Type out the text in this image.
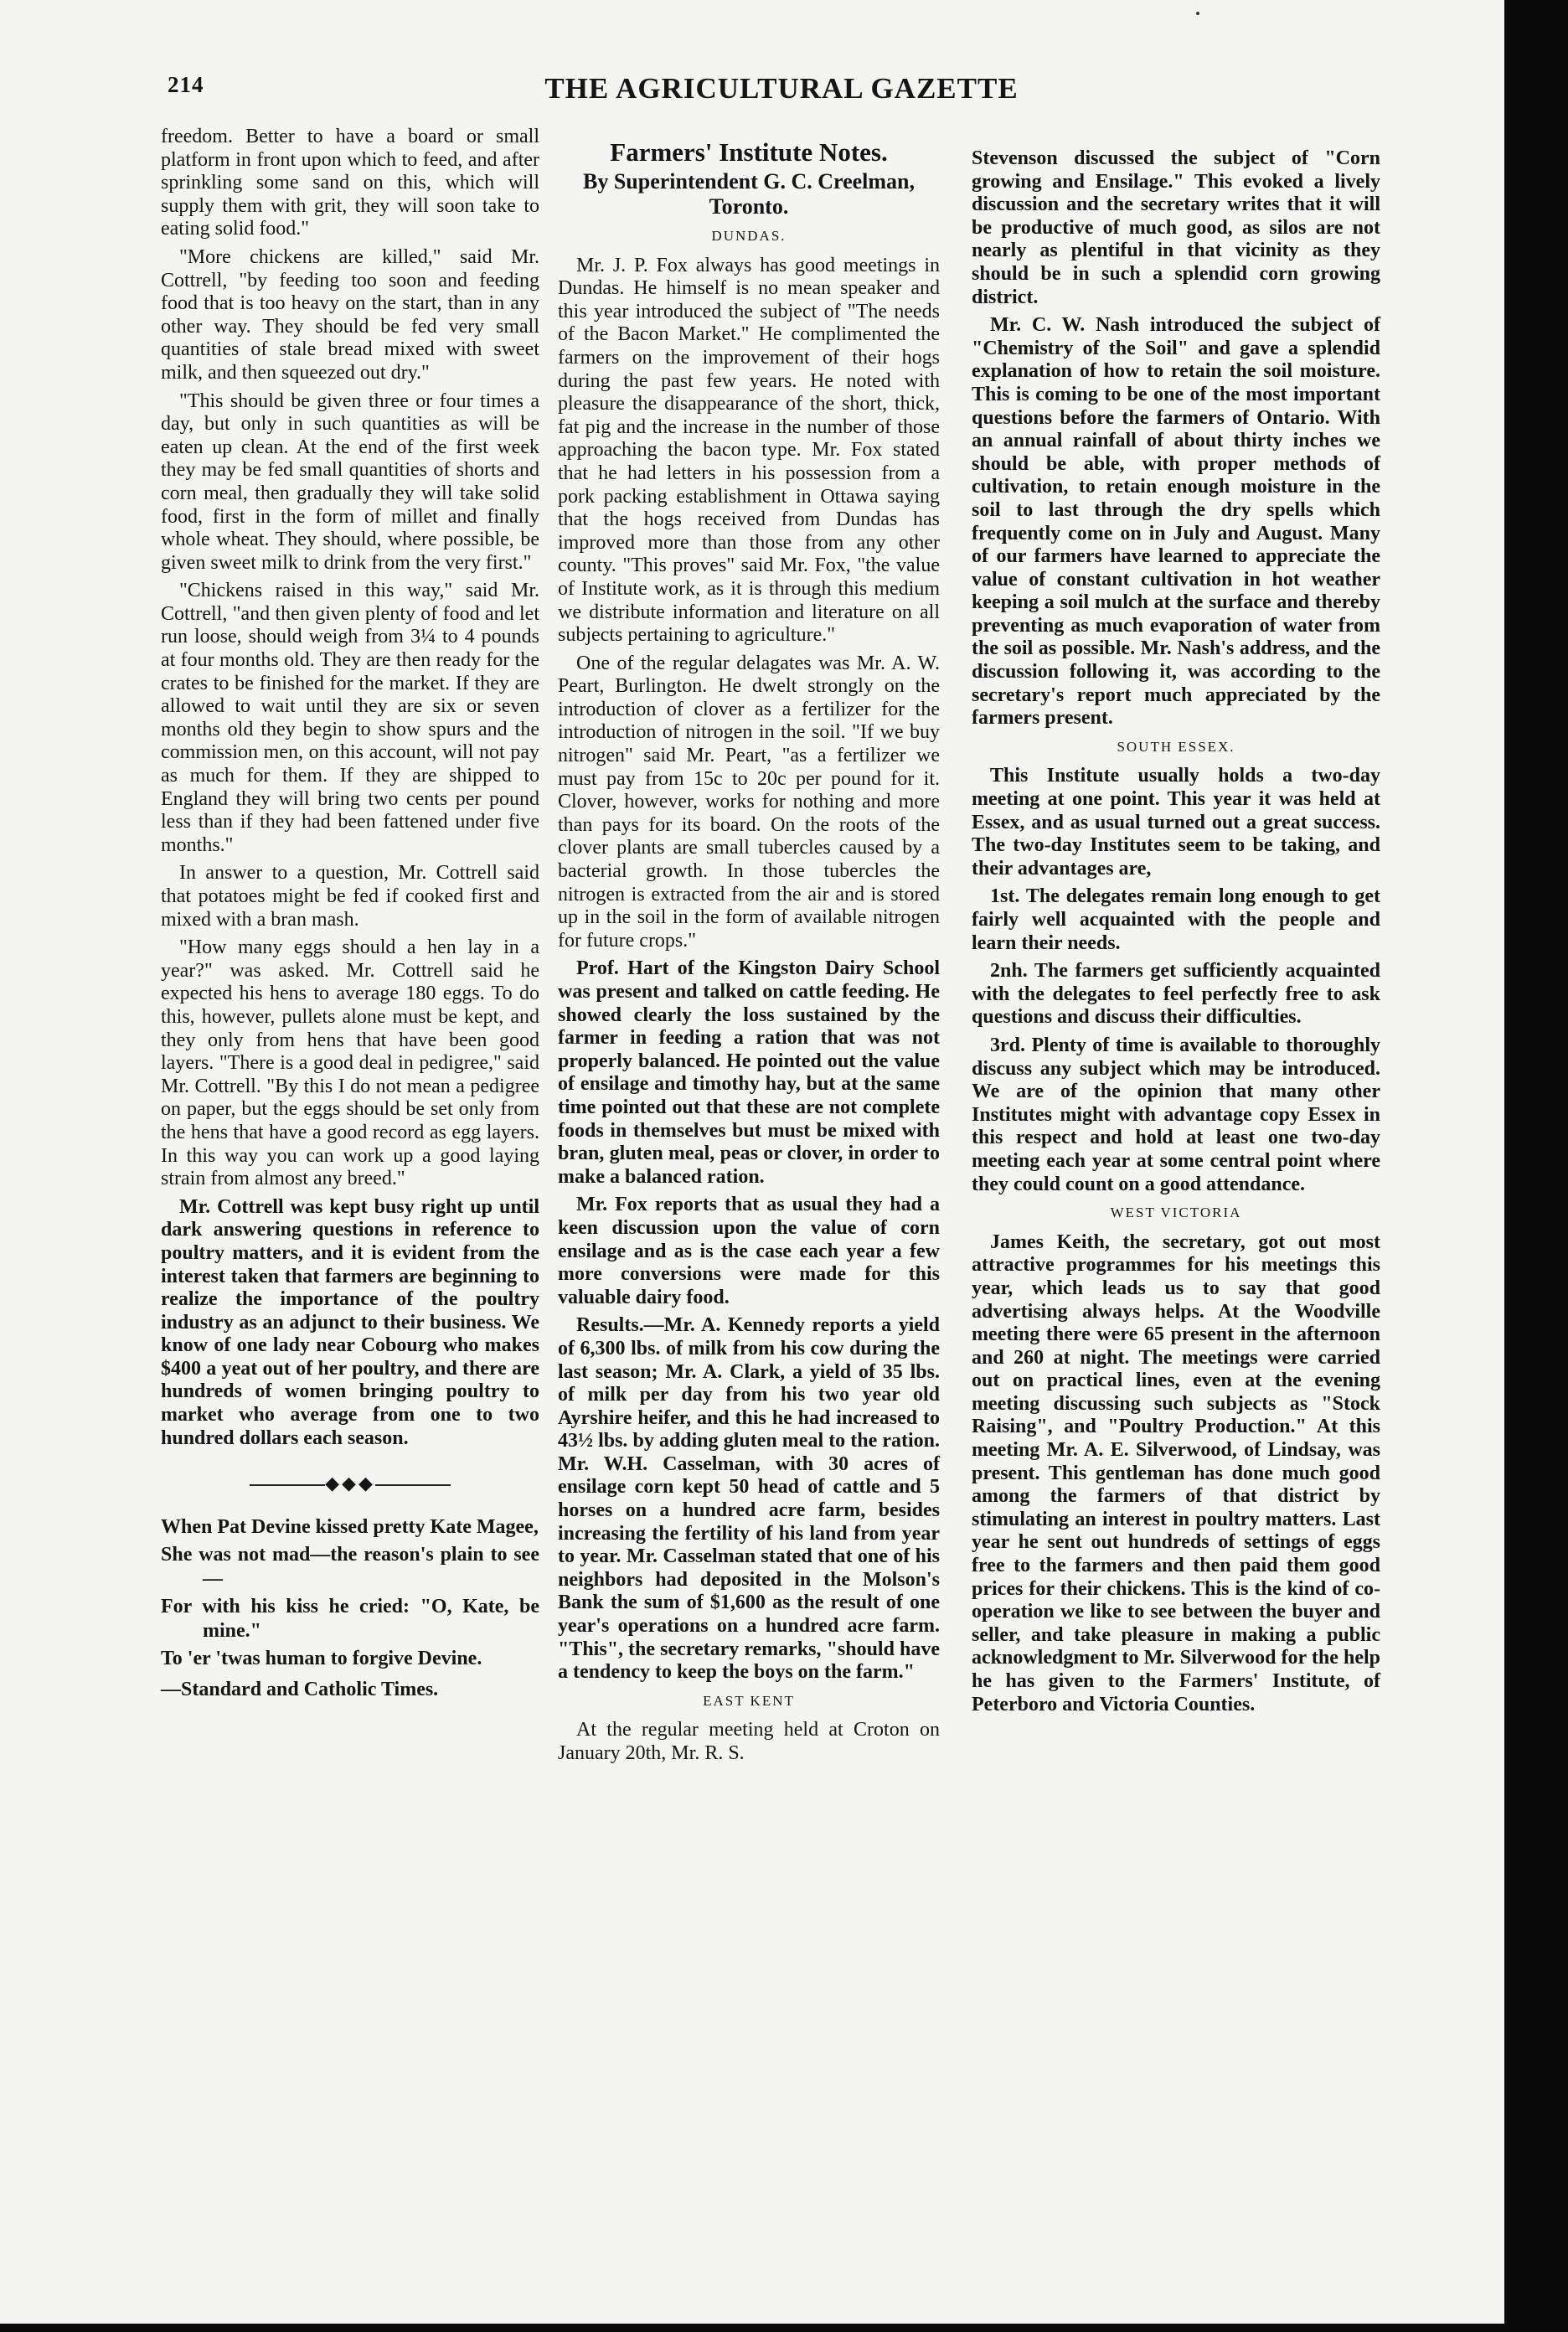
214	THE AGRICULTURAL GAZETTE

freedom. Better to have a board or small platform in front upon which to feed, and after sprinkling some sand on this, which will supply them with grit, they will soon take to eating solid food."

"More chickens are killed," said Mr. Cottrell, "by feeding too soon and feeding food that is too heavy on the start, than in any other way. They should be fed very small quantities of stale bread mixed with sweet milk, and then squeezed out dry."

"This should be given three or four times a day, but only in such quantities as will be eaten up clean. At the end of the first week they may be fed small quantities of shorts and corn meal, then gradually they will take solid food, first in the form of millet and finally whole wheat. They should, where possible, be given sweet milk to drink from the very first."

"Chickens raised in this way," said Mr. Cottrell, "and then given plenty of food and let run loose, should weigh from 3¼ to 4 pounds at four months old. They are then ready for the crates to be finished for the market. If they are allowed to wait until they are six or seven months old they begin to show spurs and the commission men, on this account, will not pay as much for them. If they are shipped to England they will bring two cents per pound less than if they had been fattened under five months."

In answer to a question, Mr. Cottrell said that potatoes might be fed if cooked first and mixed with a bran mash.

"How many eggs should a hen lay in a year?" was asked. Mr. Cottrell said he expected his hens to average 180 eggs. To do this, however, pullets alone must be kept, and they only from hens that have been good layers. "There is a good deal in pedigree," said Mr. Cottrell. "By this I do not mean a pedigree on paper, but the eggs should be set only from the hens that have a good record as egg layers. In this way you can work up a good laying strain from almost any breed."

Mr. Cottrell was kept busy right up until dark answering questions in reference to poultry matters, and it is evident from the interest taken that farmers are beginning to realize the importance of the poultry industry as an adjunct to their business. We know of one lady near Cobourg who makes $400 a yeat out of her poultry, and there are hundreds of women bringing poultry to market who average from one to two hundred dollars each season.

◆◆◆
When Pat Devine kissed pretty Kate Magee,
She was not mad—the reason's plain to see—
For with his kiss he cried: "O, Kate, be mine."
To 'er 'twas human to forgive Devine.
—Standard and Catholic Times.
Farmers' Institute Notes.
By Superintendent G. C. Creelman, Toronto.
DUNDAS.

Mr. J. P. Fox always has good meetings in Dundas. He himself is no mean speaker and this year introduced the subject of "The needs of the Bacon Market." He complimented the farmers on the improvement of their hogs during the past few years. He noted with pleasure the disappearance of the short, thick, fat pig and the increase in the number of those approaching the bacon type. Mr. Fox stated that he had letters in his possession from a pork packing establishment in Ottawa saying that the hogs received from Dundas has improved more than those from any other county. "This proves" said Mr. Fox, "the value of Institute work, as it is through this medium we distribute information and literature on all subjects pertaining to agriculture."

One of the regular delagates was Mr. A. W. Peart, Burlington. He dwelt strongly on the introduction of clover as a fertilizer for the introduction of nitrogen in the soil. "If we buy nitrogen" said Mr. Peart, "as a fertilizer we must pay from 15c to 20c per pound for it. Clover, however, works for nothing and more than pays for its board. On the roots of the clover plants are small tubercles caused by a bacterial growth. In those tubercles the nitrogen is extracted from the air and is stored up in the soil in the form of available nitrogen for future crops."

Prof. Hart of the Kingston Dairy School was present and talked on cattle feeding. He showed clearly the loss sustained by the farmer in feeding a ration that was not properly balanced. He pointed out the value of ensilage and timothy hay, but at the same time pointed out that these are not complete foods in themselves but must be mixed with bran, gluten meal, peas or clover, in order to make a balanced ration.

Mr. Fox reports that as usual they had a keen discussion upon the value of corn ensilage and as is the case each year a few more conversions were made for this valuable dairy food.

Results.—Mr. A. Kennedy reports a yield of 6,300 lbs. of milk from his cow during the last season; Mr. A. Clark, a yield of 35 lbs. of milk per day from his two year old Ayrshire heifer, and this he had increased to 43½ lbs. by adding gluten meal to the ration. Mr. W.H. Casselman, with 30 acres of ensilage corn kept 50 head of cattle and 5 horses on a hundred acre farm, besides increasing the fertility of his land from year to year. Mr. Casselman stated that one of his neighbors had deposited in the Molson's Bank the sum of $1,600 as the result of one year's operations on a hundred acre farm. "This", the secretary remarks, "should have a tendency to keep the boys on the farm."

EAST KENT

At the regular meeting held at Croton on January 20th, Mr. R. S.

Stevenson discussed the subject of "Corn growing and Ensilage." This evoked a lively discussion and the secretary writes that it will be productive of much good, as silos are not nearly as plentiful in that vicinity as they should be in such a splendid corn growing district.

Mr. C. W. Nash introduced the subject of "Chemistry of the Soil" and gave a splendid explanation of how to retain the soil moisture. This is coming to be one of the most important questions before the farmers of Ontario. With an annual rainfall of about thirty inches we should be able, with proper methods of cultivation, to retain enough moisture in the soil to last through the dry spells which frequently come on in July and August. Many of our farmers have learned to appreciate the value of constant cultivation in hot weather keeping a soil mulch at the surface and thereby preventing as much evaporation of water from the soil as possible. Mr. Nash's address, and the discussion following it, was according to the secretary's report much appreciated by the farmers present.

SOUTH ESSEX.

This Institute usually holds a two-day meeting at one point. This year it was held at Essex, and as usual turned out a great success. The two-day Institutes seem to be taking, and their advantages are,

1st. The delegates remain long enough to get fairly well acquainted with the people and learn their needs.

2nh. The farmers get sufficiently acquainted with the delegates to feel perfectly free to ask questions and discuss their difficulties.

3rd. Plenty of time is available to thoroughly discuss any subject which may be introduced. We are of the opinion that many other Institutes might with advantage copy Essex in this respect and hold at least one two-day meeting each year at some central point where they could count on a good attendance.

WEST VICTORIA

James Keith, the secretary, got out most attractive programmes for his meetings this year, which leads us to say that good advertising always helps. At the Woodville meeting there were 65 present in the afternoon and 260 at night. The meetings were carried out on practical lines, even at the evening meeting discussing such subjects as "Stock Raising", and "Poultry Production." At this meeting Mr. A. E. Silverwood, of Lindsay, was present. This gentleman has done much good among the farmers of that district by stimulating an interest in poultry matters. Last year he sent out hundreds of settings of eggs free to the farmers and then paid them good prices for their chickens. This is the kind of co-operation we like to see between the buyer and seller, and take pleasure in making a public acknowledgment to Mr. Silverwood for the help he has given to the Farmers' Institute, of Peterboro and Victoria Counties.
